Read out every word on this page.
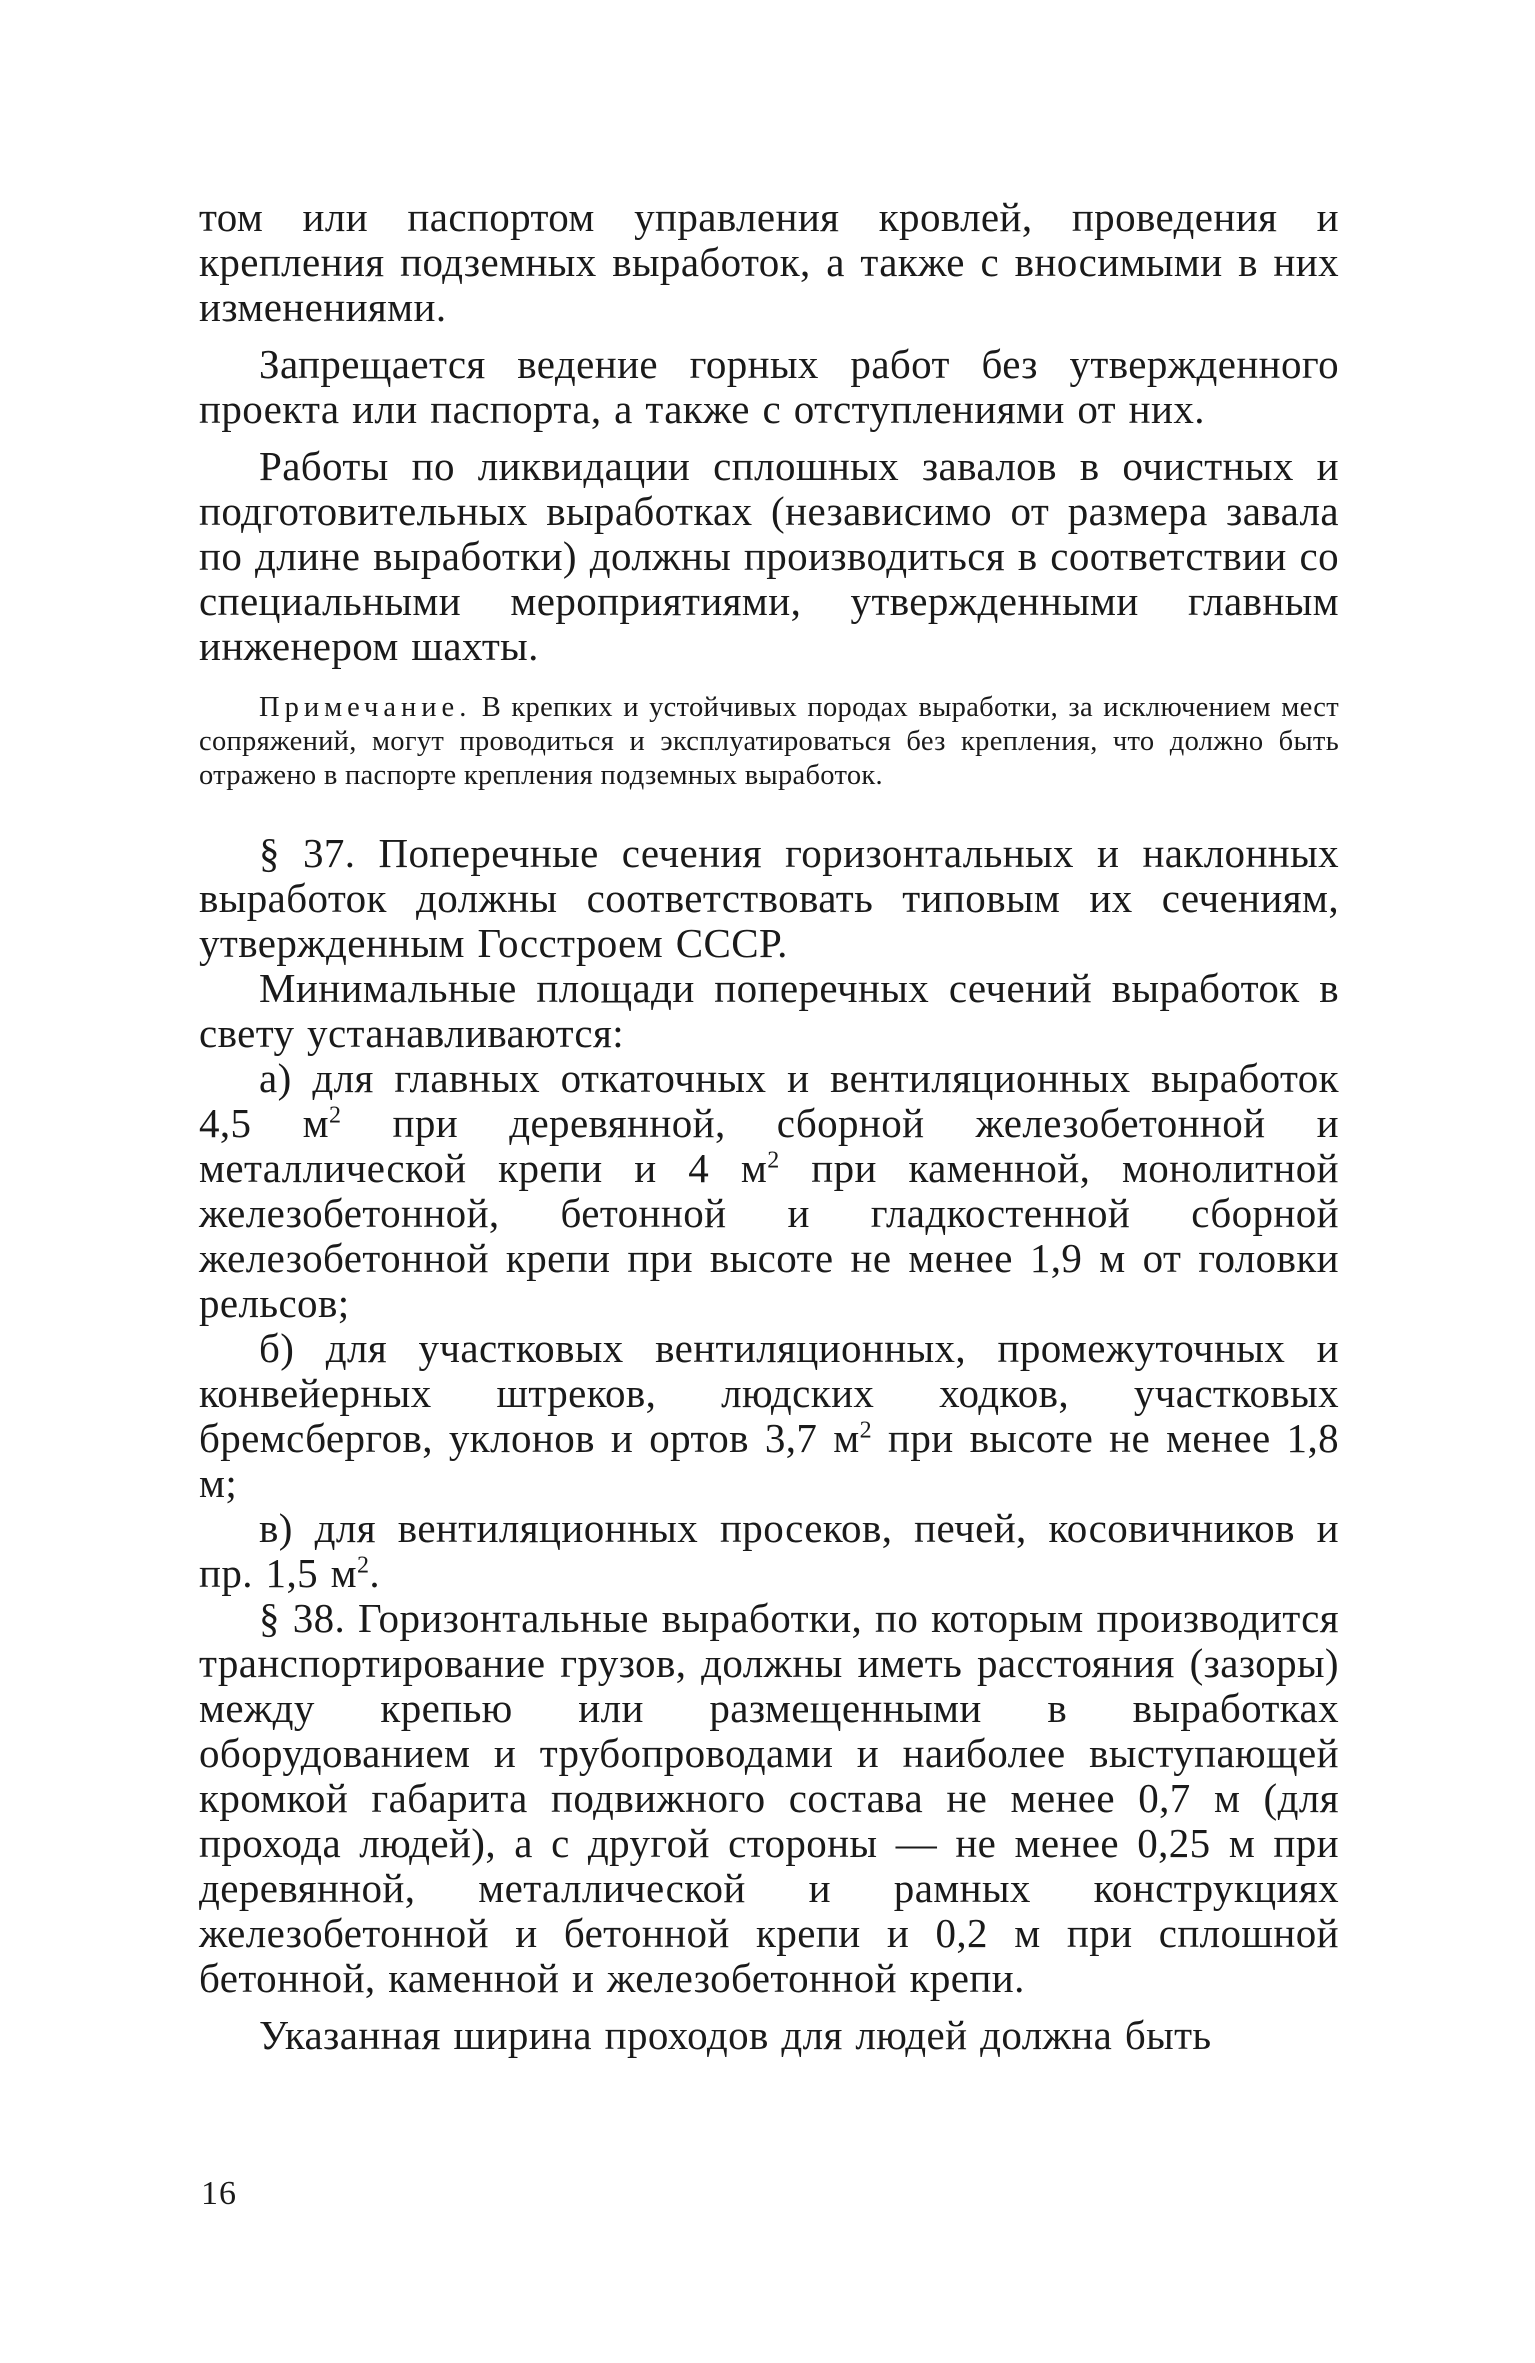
том или паспортом управления кровлей, проведения и крепления подземных выработок, а также с вносимыми в них изменениями.

Запрещается ведение горных работ без утвержденного проекта или паспорта, а также с отступлениями от них.

Работы по ликвидации сплошных завалов в очистных и подготовительных выработках (независимо от размера завала по длине выработки) должны производиться в соответствии со специальными мероприятиями, утвержденными главным инженером шахты.

Примечание. В крепких и устойчивых породах выработки, за исключением мест сопряжений, могут проводиться и эксплуатироваться без крепления, что должно быть отражено в паспорте крепления подземных выработок.

§ 37. Поперечные сечения горизонтальных и наклонных выработок должны соответствовать типовым их сечениям, утвержденным Госстроем СССР.

Минимальные площади поперечных сечений выработок в свету устанавливаются:

а) для главных откаточных и вентиляционных выработок 4,5 $м^2$ при деревянной, сборной железобетонной и металлической крепи и 4 $м^2$ при каменной, монолитной железобетонной, бетонной и гладкостенной сборной железобетонной крепи при высоте не менее 1,9 м от головки рельсов;

б) для участковых вентиляционных, промежуточных и конвейерных штреков, людских ходков, участковых бремсбергов, уклонов и ортов 3,7 $м^2$ при высоте не менее 1,8 м;

в) для вентиляционных просеков, печей, косовичников и пр. 1,5 $м^2$.

§ 38. Горизонтальные выработки, по которым производится транспортирование грузов, должны иметь расстояния (зазоры) между крепью или размещенными в выработках оборудованием и трубопроводами и наиболее выступающей кромкой габарита подвижного состава не менее 0,7 м (для прохода людей), а с другой стороны — не менее 0,25 м при деревянной, металлической и рамных конструкциях железобетонной и бетонной крепи и 0,2 м при сплошной бетонной, каменной и железобетонной крепи.

Указанная ширина проходов для людей должна быть

16
